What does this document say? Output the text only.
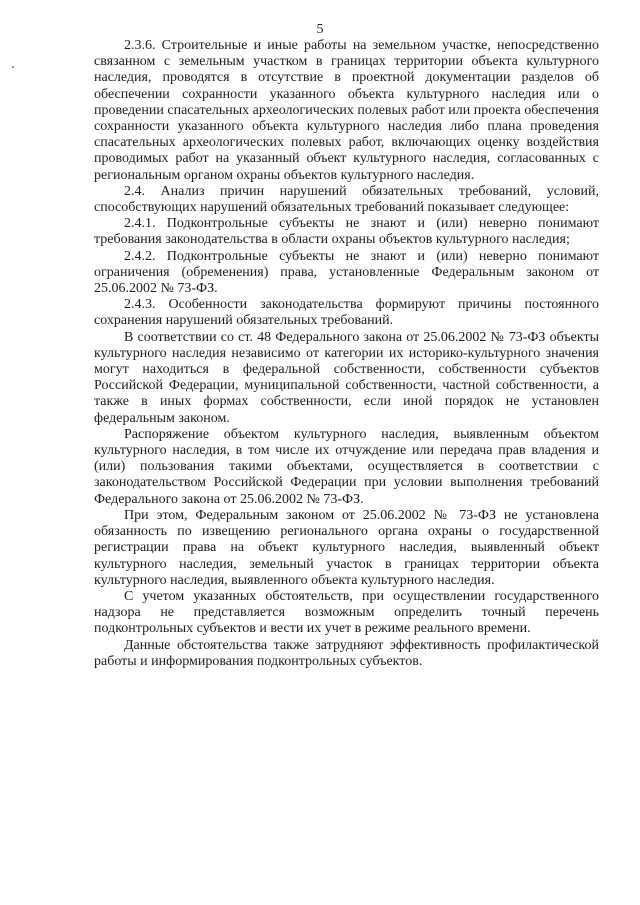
5

2.3.6. Строительные и иные работы на земельном участке, непосредственно связанном с земельным участком в границах территории объекта культурного наследия, проводятся в отсутствие в проектной документации разделов об обеспечении сохранности указанного объекта культурного наследия или о проведении спасательных археологических полевых работ или проекта обеспечения сохранности указанного объекта культурного наследия либо плана проведения спасательных археологических полевых работ, включающих оценку воздействия проводимых работ на указанный объект культурного наследия, согласованных с региональным органом охраны объектов культурного наследия.

2.4. Анализ причин нарушений обязательных требований, условий, способствующих нарушений обязательных требований показывает следующее:

2.4.1. Подконтрольные субъекты не знают и (или) неверно понимают требования законодательства в области охраны объектов культурного наследия;

2.4.2. Подконтрольные субъекты не знают и (или) неверно понимают ограничения (обременения) права, установленные Федеральным законом от 25.06.2002 № 73-ФЗ.

2.4.3. Особенности законодательства формируют причины постоянного сохранения нарушений обязательных требований.

В соответствии со ст. 48 Федерального закона от 25.06.2002 № 73-ФЗ объекты культурного наследия независимо от категории их историко-культурного значения могут находиться в федеральной собственности, собственности субъектов Российской Федерации, муниципальной собственности, частной собственности, а также в иных формах собственности, если иной порядок не установлен федеральным законом.

Распоряжение объектом культурного наследия, выявленным объектом культурного наследия, в том числе их отчуждение или передача прав владения и (или) пользования такими объектами, осуществляется в соответствии с законодательством Российской Федерации при условии выполнения требований Федерального закона от 25.06.2002 № 73-ФЗ.

При этом, Федеральным законом от 25.06.2002 № 73-ФЗ не установлена обязанность по извещению регионального органа охраны о государственной регистрации права на объект культурного наследия, выявленный объект культурного наследия, земельный участок в границах территории объекта культурного наследия, выявленного объекта культурного наследия.

С учетом указанных обстоятельств, при осуществлении государственного надзора не представляется возможным определить точный перечень подконтрольных субъектов и вести их учет в режиме реального времени.

Данные обстоятельства также затрудняют эффективность профилактической работы и информирования подконтрольных субъектов.
